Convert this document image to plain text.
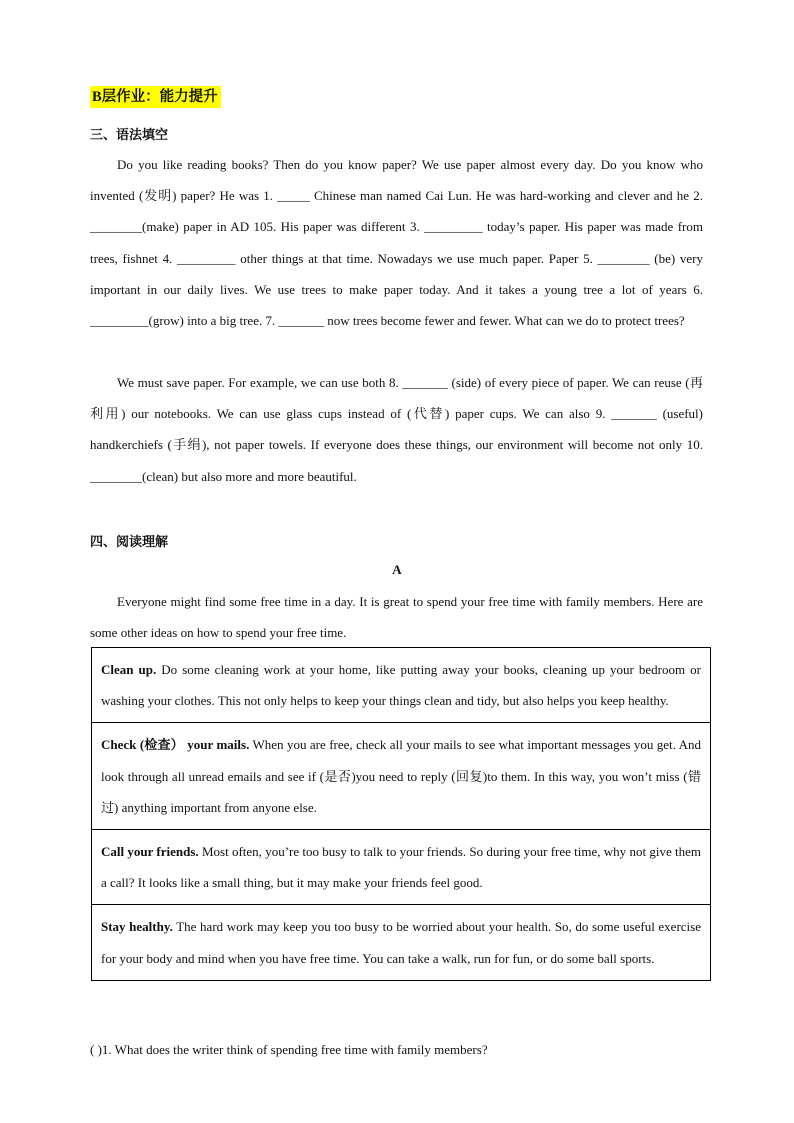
B层作业：能力提升
三、语法填空

Do you like reading books? Then do you know paper? We use paper almost every day. Do you know who invented (发明) paper? He was 1. _____ Chinese man named Cai Lun. He was hard-working and clever and he 2. ________(make) paper in AD 105. His paper was different 3. _________ today’s paper. His paper was made from trees, fishnet 4. _________ other things at that time. Nowadays we use much paper. Paper 5. ________ (be) very important in our daily lives. We use trees to make paper today. And it takes a young tree a lot of years 6. _________(grow) into a big tree. 7. _______ now trees become fewer and fewer. What can we do to protect trees?

We must save paper. For example, we can use both 8. _______ (side) of every piece of paper. We can reuse (再利用) our notebooks. We can use glass cups instead of (代替) paper cups. We can also 9. _______ (useful) handkerchiefs (手绢), not paper towels. If everyone does these things, our environment will become not only 10. ________(clean) but also more and more beautiful.

四、阅读理解
A

Everyone might find some free time in a day. It is great to spend your free time with family members. Here are some other ideas on how to spend your free time.

Clean up. Do some cleaning work at your home, like putting away your books, cleaning up your bedroom or washing your clothes. This not only helps to keep your things clean and tidy, but also helps you keep healthy.
Check (检查） your mails. When you are free, check all your mails to see what important messages you get. And look through all unread emails and see if (是否)you need to reply (回复)to them. In this way, you won’t miss (错过) anything important from anyone else.
Call your friends. Most often, you’re too busy to talk to your friends. So during your free time, why not give them a call? It looks like a small thing, but it may make your friends feel good.
Stay healthy. The hard work may keep you too busy to be worried about your health. So, do some useful exercise for your body and mind when you have free time. You can take a walk, run for fun, or do some ball sports.
( )1. What does the writer think of spending free time with family members?
